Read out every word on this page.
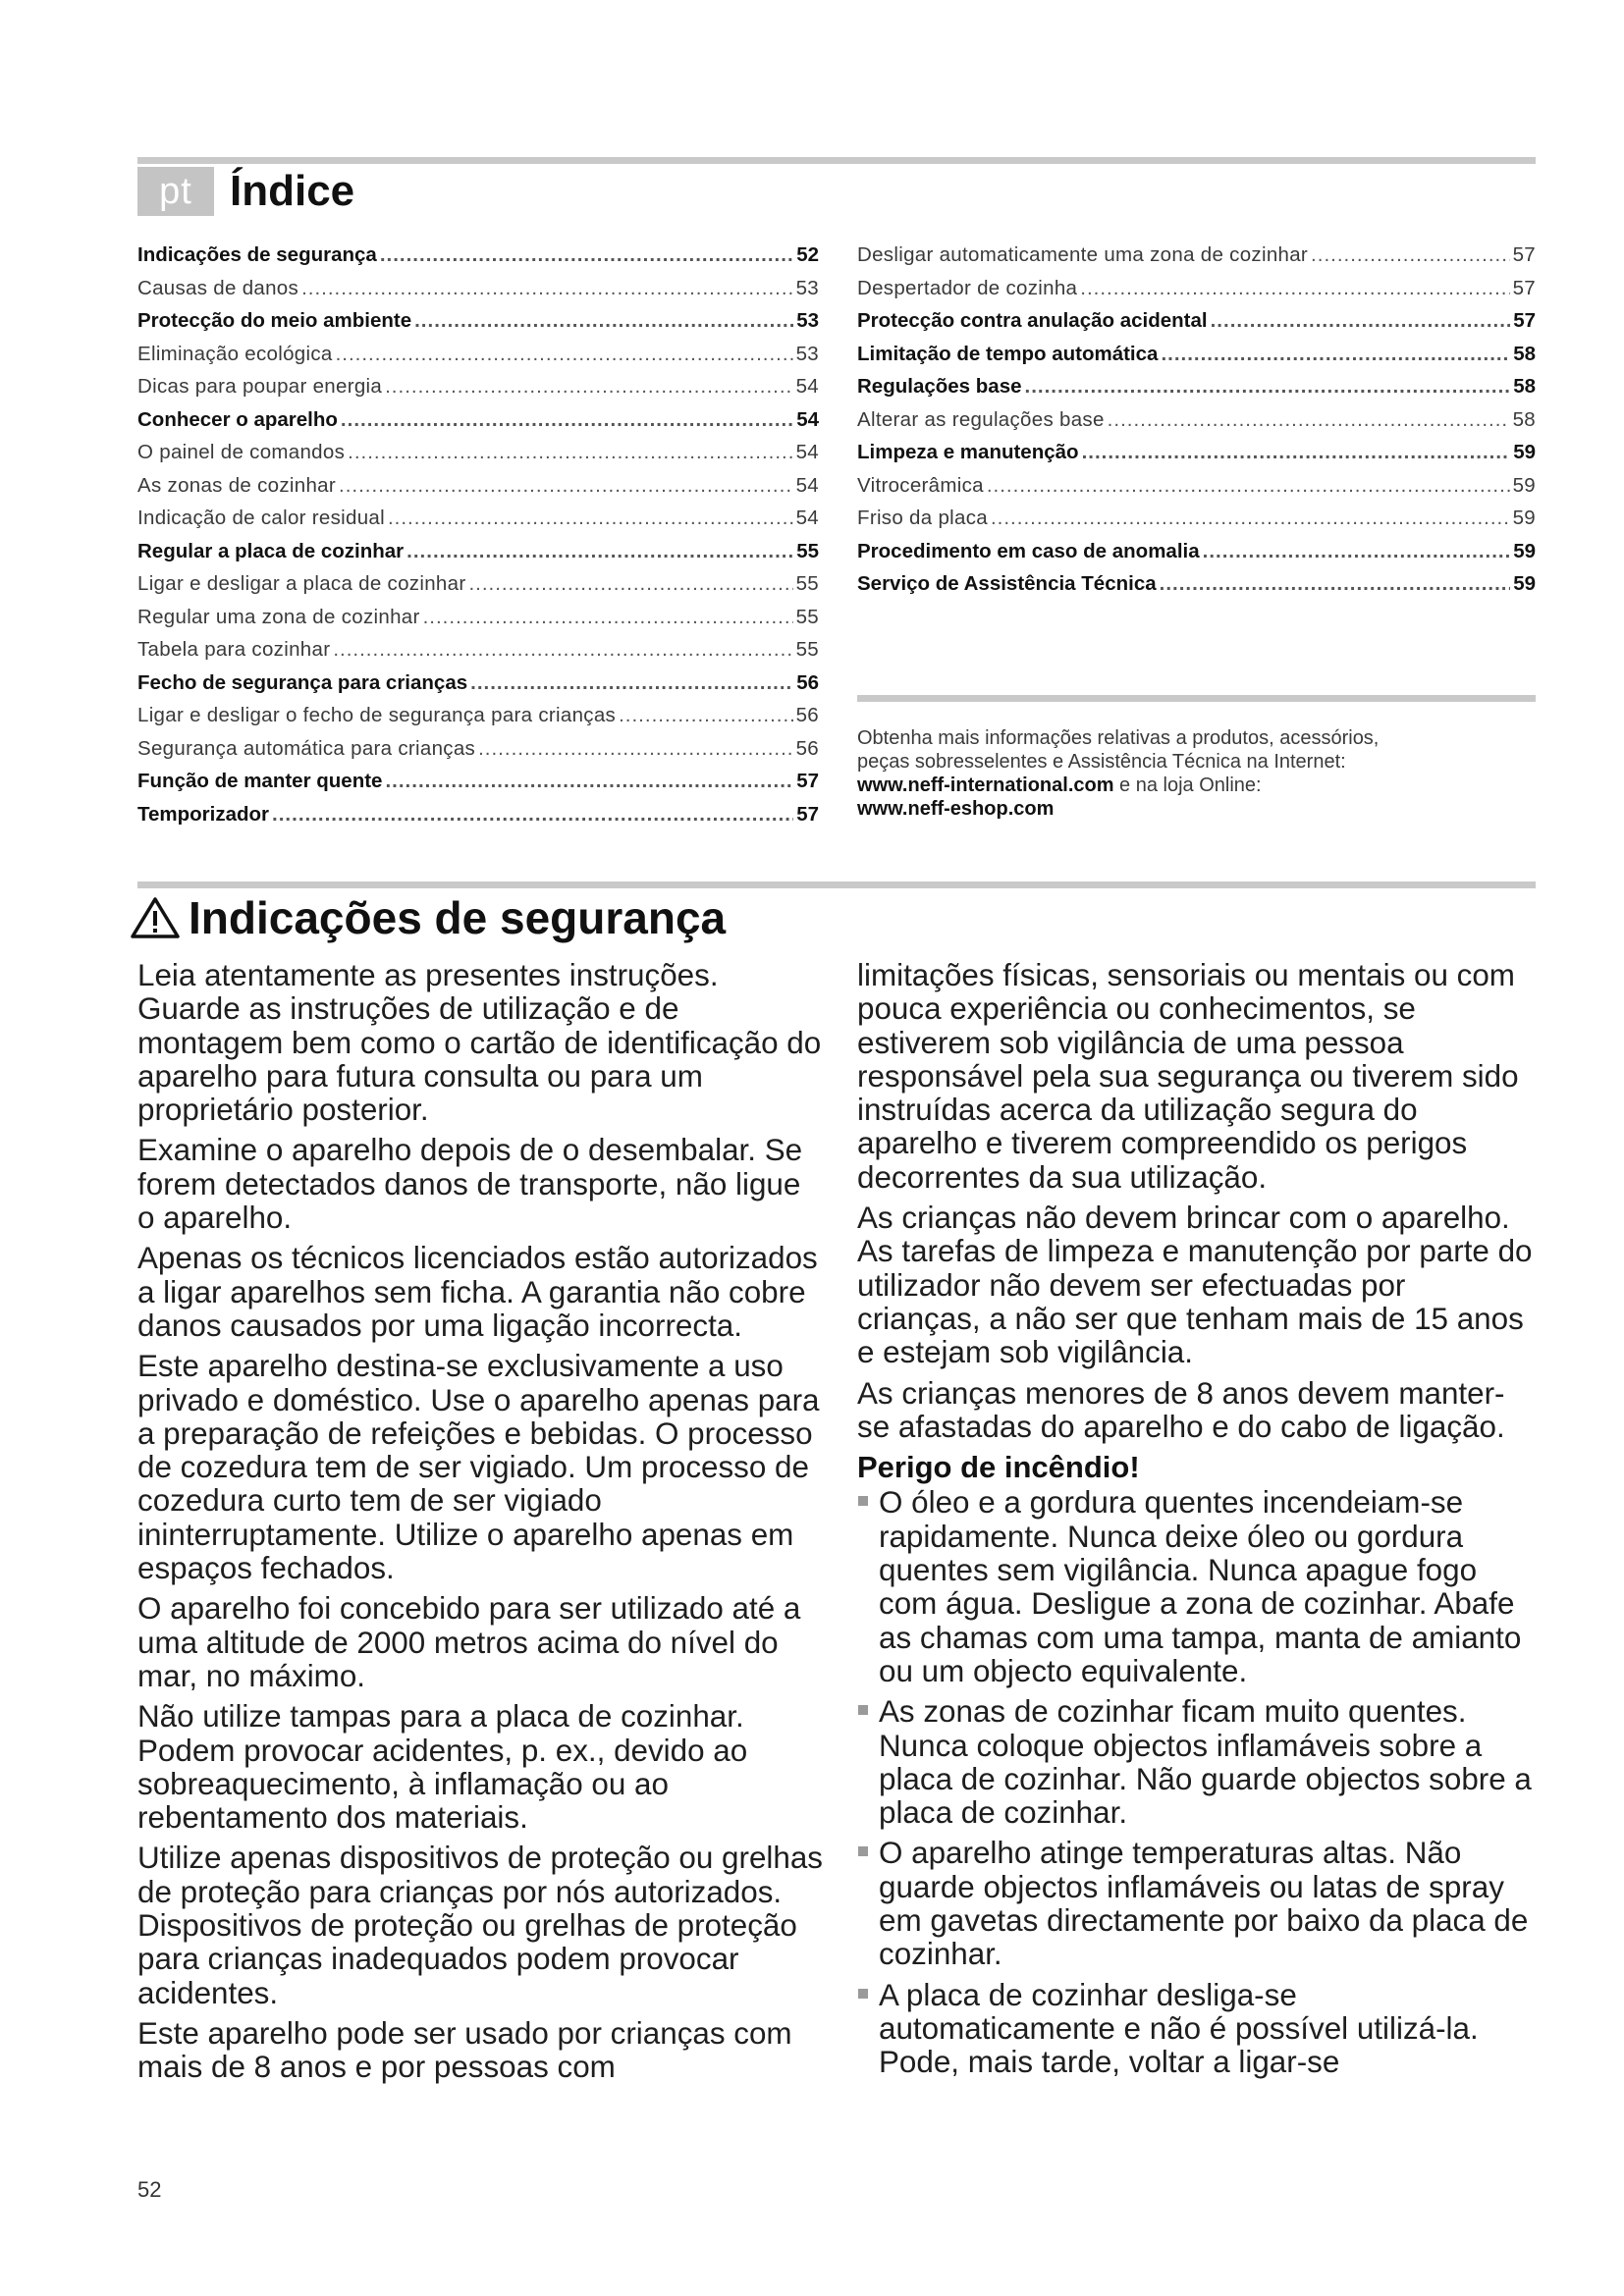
pt Índice
Indicações de segurança .....	52
Causas de danos .....	53
Protecção do meio ambiente .....	53
Eliminação ecológica .....	53
Dicas para poupar energia .....	54
Conhecer o aparelho .....	54
O painel de comandos .....	54
As zonas de cozinhar .....	54
Indicação de calor residual .....	54
Regular a placa de cozinhar .....	55
Ligar e desligar a placa de cozinhar .....	55
Regular uma zona de cozinhar .....	55
Tabela para cozinhar .....	55
Fecho de segurança para crianças .....	56
Ligar e desligar o fecho de segurança para crianças .....	56
Segurança automática para crianças .....	56
Função de manter quente .....	57
Temporizador .....	57
Desligar automaticamente uma zona de cozinhar .....	57
Despertador de cozinha .....	57
Protecção contra anulação acidental .....	57
Limitação de tempo automática .....	58
Regulações base .....	58
Alterar as regulações base .....	58
Limpeza e manutenção .....	59
Vitrocerâmica .....	59
Friso da placa .....	59
Procedimento em caso de anomalia .....	59
Serviço de Assistência Técnica .....	59
Obtenha mais informações relativas a produtos, acessórios,
peças sobresselentes e Assistência Técnica na Internet:
www.neff-international.com e na loja Online:
www.neff-eshop.com
Indicações de segurança

Leia atentamente as presentes instruções. Guarde as instruções de utilização e de montagem bem como o cartão de identificação do aparelho para futura consulta ou para um proprietário posterior.

Examine o aparelho depois de o desembalar. Se forem detectados danos de transporte, não ligue o aparelho.

Apenas os técnicos licenciados estão autorizados a ligar aparelhos sem ficha. A garantia não cobre danos causados por uma ligação incorrecta.

Este aparelho destina-se exclusivamente a uso privado e doméstico. Use o aparelho apenas para a preparação de refeições e bebidas. O processo de cozedura tem de ser vigiado. Um processo de cozedura curto tem de ser vigiado ininterruptamente. Utilize o aparelho apenas em espaços fechados.

O aparelho foi concebido para ser utilizado até a uma altitude de 2000 metros acima do nível do mar, no máximo.

Não utilize tampas para a placa de cozinhar. Podem provocar acidentes, p. ex., devido ao sobreaquecimento, à inflamação ou ao rebentamento dos materiais.

Utilize apenas dispositivos de proteção ou grelhas de proteção para crianças por nós autorizados. Dispositivos de proteção ou grelhas de proteção para crianças inadequados podem provocar acidentes.

Este aparelho pode ser usado por crianças com mais de 8 anos e por pessoas com

limitações físicas, sensoriais ou mentais ou com pouca experiência ou conhecimentos, se estiverem sob vigilância de uma pessoa responsável pela sua segurança ou tiverem sido instruídas acerca da utilização segura do aparelho e tiverem compreendido os perigos decorrentes da sua utilização.

As crianças não devem brincar com o aparelho. As tarefas de limpeza e manutenção por parte do utilizador não devem ser efectuadas por crianças, a não ser que tenham mais de 15 anos e estejam sob vigilância.

As crianças menores de 8 anos devem manter-se afastadas do aparelho e do cabo de ligação.

Perigo de incêndio!
O óleo e a gordura quentes incendeiam-se rapidamente. Nunca deixe óleo ou gordura quentes sem vigilância. Nunca apague fogo com água. Desligue a zona de cozinhar. Abafe as chamas com uma tampa, manta de amianto ou um objecto equivalente.
As zonas de cozinhar ficam muito quentes. Nunca coloque objectos inflamáveis sobre a placa de cozinhar. Não guarde objectos sobre a placa de cozinhar.
O aparelho atinge temperaturas altas. Não guarde objectos inflamáveis ou latas de spray em gavetas directamente por baixo da placa de cozinhar.
A placa de cozinhar desliga-se automaticamente e não é possível utilizá-la. Pode, mais tarde, voltar a ligar-se
52
